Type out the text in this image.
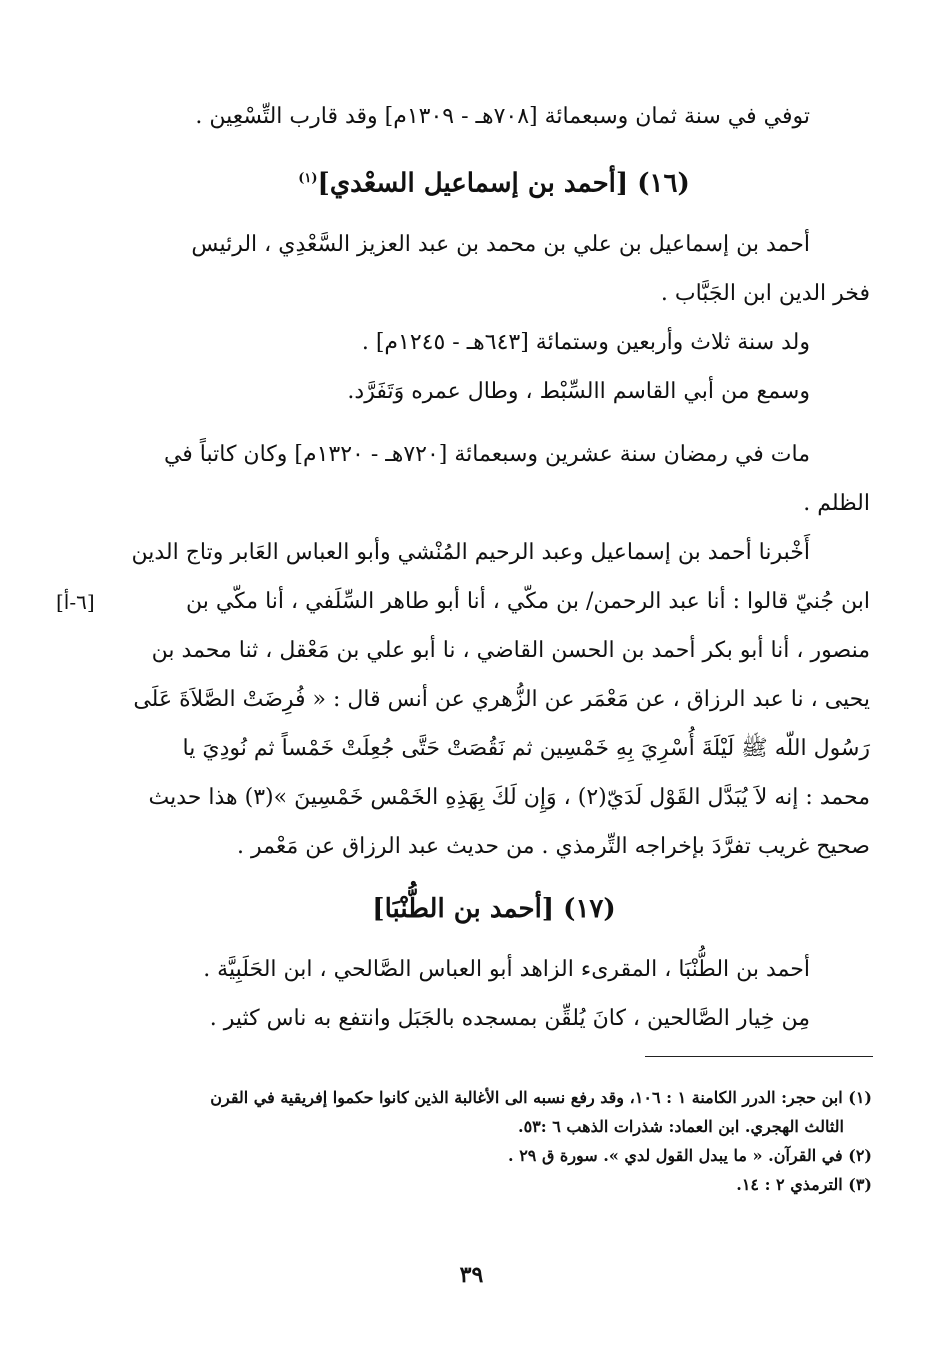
توفي في سنة ثمان وسبعمائة [٧٠٨هـ - ١٣٠٩م] وقد قارب التِّسْعِين .

(١٦) [أحمد بن إسماعيل السعْدي]$^{(١)}$

أحمد بن إسماعيل بن علي بن محمد بن عبد العزيز السَّعْدِي ، الرئيس

فخر الدين ابن الجَبَّاب .

ولد سنة ثلاث وأربعين وستمائة [٦٤٣هـ - ١٢٤٥م] .

وسمع من أبي القاسم االسِّبْط ، وطال عمره وَتَفَرَّد.

مات في رمضان سنة عشرين وسبعمائة [٧٢٠هـ - ١٣٢٠م] وكان كاتباً في

الظلم .

أَخْبرنا أحمد بن إسماعيل وعبد الرحيم المُنْشي وأبو العباس العَابر وتاج الدين

ابن جُنيّ قالوا : أنا عبد الرحمن/ بن مكّي ، أنا أبو طاهر السِّلَفي ، أنا مكّي بن

منصور ، أنا أبو بكر أحمد بن الحسن القاضي ، نا أبو علي بن مَعْقل ، ثنا محمد بن

يحيى ، نا عبد الرزاق ، عن مَعْمَر عن الزُّهري عن أنس قال : « فُرِضَتْ الصَّلاَةَ عَلَى

رَسُول اللّه ﷺ لَيْلَةَ أُسْرِيَ بِهِ خَمْسِين ثم نَقُصَتْ حَتَّى جُعِلَتْ خَمْساً ثم نُودِيَ يا

محمد : إنه لاَ يُبَدَّل القَوْل لَدَيّ(٢) ، وَإِن لَكَ بِهَذِهِ الخَمْس خَمْسِينَ »(٣) هذا حديث

صحيح غريب تفرَّدَ بإخراجه التِّرمذي . من حديث عبد الرزاق عن مَعْمر .

(١٧) [أحمد بن الطُّنْبَا]

أحمد بن الطُّنْبَا ، المقرىء الزاهد أبو العباس الصَّالحي ، ابن الحَلَبِيَّة .

مِن خِيار الصَّالحين ، كانَ يُلقِّن بمسجده بالجَبَل وانتفع به ناس كثير .

[٦-أ]

(١) ابن حجر: الدرر الكامنة ١ : ١٠٦، وقد رفع نسبه الى الأغالبة الذين كانوا حكموا إفريقية في القرن

الثالث الهجري. ابن العماد: شذرات الذهب ٦ :٥٣.

(٢) في القرآن. « ما يبدل القول لدي ». سورة ق ٢٩ .

(٣) الترمذي ٢ : ١٤.

٣٩
